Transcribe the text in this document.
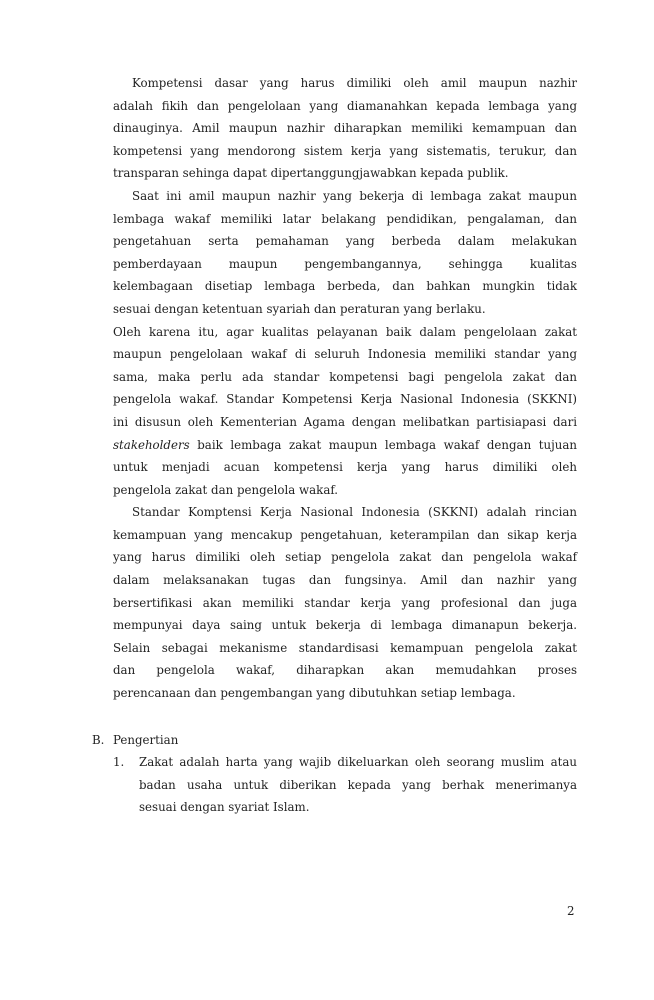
Kompetensi dasar yang harus dimiliki oleh amil maupun nazhir
adalah fikih dan pengelolaan yang diamanahkan kepada lembaga yang
dinauginya. Amil maupun nazhir diharapkan memiliki kemampuan dan
kompetensi yang mendorong sistem kerja yang sistematis, terukur, dan
transparan sehinga dapat dipertanggungjawabkan kepada publik.
Saat ini amil maupun nazhir yang bekerja di lembaga zakat maupun
lembaga wakaf memiliki latar belakang pendidikan, pengalaman, dan
pengetahuan serta pemahaman yang berbeda dalam melakukan
pemberdayaan maupun pengembangannya, sehingga kualitas
kelembagaan disetiap lembaga berbeda, dan bahkan mungkin tidak
sesuai dengan ketentuan syariah dan peraturan yang berlaku.
Oleh karena itu, agar kualitas pelayanan baik dalam pengelolaan zakat
maupun pengelolaan wakaf di seluruh Indonesia memiliki standar yang
sama, maka perlu ada standar kompetensi bagi pengelola zakat dan
pengelola wakaf. Standar Kompetensi Kerja Nasional Indonesia (SKKNI)
ini disusun oleh Kementerian Agama dengan melibatkan partisiapasi dari
stakeholders baik lembaga zakat maupun lembaga wakaf dengan tujuan
untuk menjadi acuan kompetensi kerja yang harus dimiliki oleh
pengelola zakat dan pengelola wakaf.
Standar Komptensi Kerja Nasional Indonesia (SKKNI) adalah rincian
kemampuan yang mencakup pengetahuan, keterampilan dan sikap kerja
yang harus dimiliki oleh setiap pengelola zakat dan pengelola wakaf
dalam melaksanakan tugas dan fungsinya. Amil dan nazhir yang
bersertifikasi akan memiliki standar kerja yang profesional dan juga
mempunyai daya saing untuk bekerja di lembaga dimanapun bekerja.
Selain sebagai mekanisme standardisasi kemampuan pengelola zakat
dan pengelola wakaf, diharapkan akan memudahkan proses
perencanaan dan pengembangan yang dibutuhkan setiap lembaga.
B. Pengertian
1. Zakat adalah harta yang wajib dikeluarkan oleh seorang muslim atau
badan usaha untuk diberikan kepada yang berhak menerimanya
sesuai dengan syariat Islam.
2
